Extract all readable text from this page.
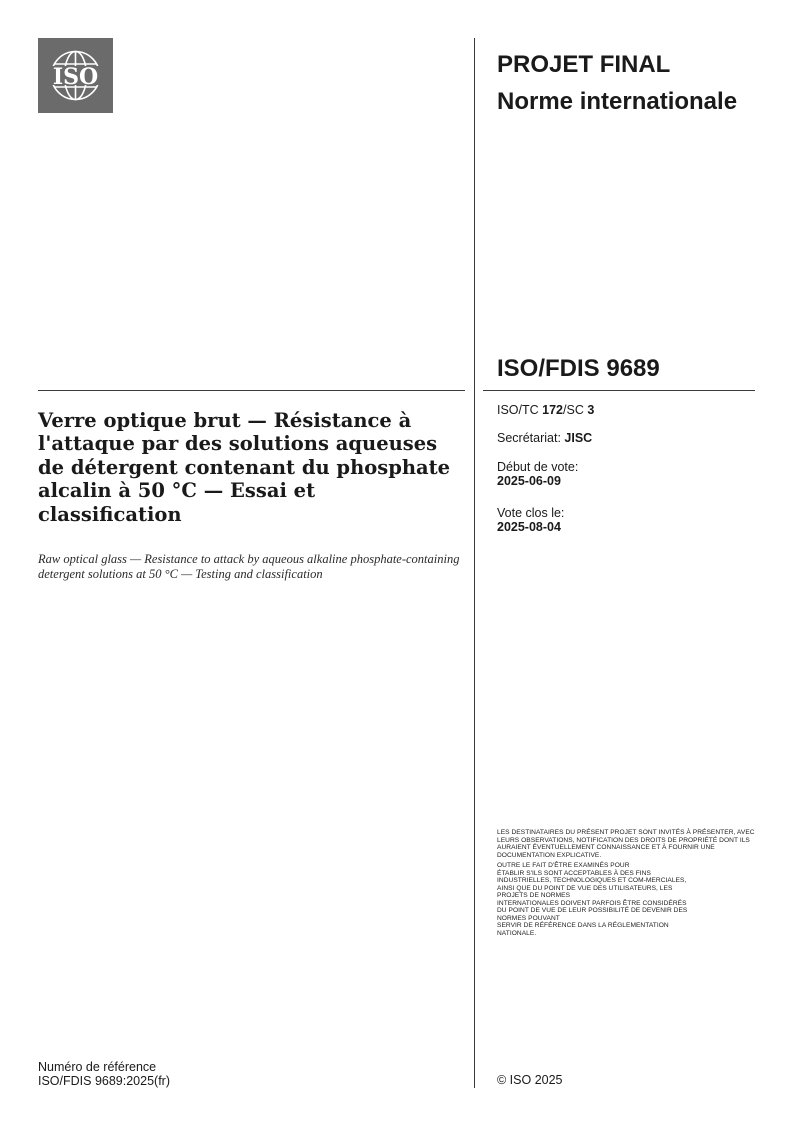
ISO	PROJET FINAL
Norme internationale
ISO/FDIS 9689
Verre optique brut — Résistance à l'attaque par des solutions aqueuses de détergent contenant du phosphate alcalin à 50 °C — Essai et classification

Raw optical glass — Resistance to attack by aqueous alkaline phosphate-containing detergent solutions at 50 °C — Testing and classification

ISO/TC 172/SC 3
Secrétariat: JISC
Début de vote:
2025-06-09
Vote clos le:
2025-08-04

LES DESTINATAIRES DU PRÉSENT PROJET SONT INVITÉS À PRÉSENTER, AVEC LEURS OBSERVATIONS, NOTIFICATION DES DROITS DE PROPRIÉTÉ DONT ILS AURAIENT ÉVENTUELLEMENT CONNAISSANCE ET À FOURNIR UNE DOCUMENTATION EXPLICATIVE.

OUTRE LE FAIT D'ÊTRE EXAMINÉS POUR
ÉTABLIR S'ILS SONT ACCEPTABLES À DES FINS
INDUSTRIELLES, TECHNOLOGIQUES ET COM-MERCIALES,
AINSI QUE DU POINT DE VUE DES UTILISATEURS, LES
PROJETS DE NORMES
INTERNATIONALES DOIVENT PARFOIS ÊTRE CONSIDÉRÉS
DU POINT DE VUE DE LEUR POSSIBILITÉ DE DEVENIR DES
NORMES POUVANT
SERVIR DE RÉFÉRENCE DANS LA RÉGLEMENTATION
NATIONALE.

Numéro de référence
ISO/FDIS 9689:2025(fr)	© ISO 2025
